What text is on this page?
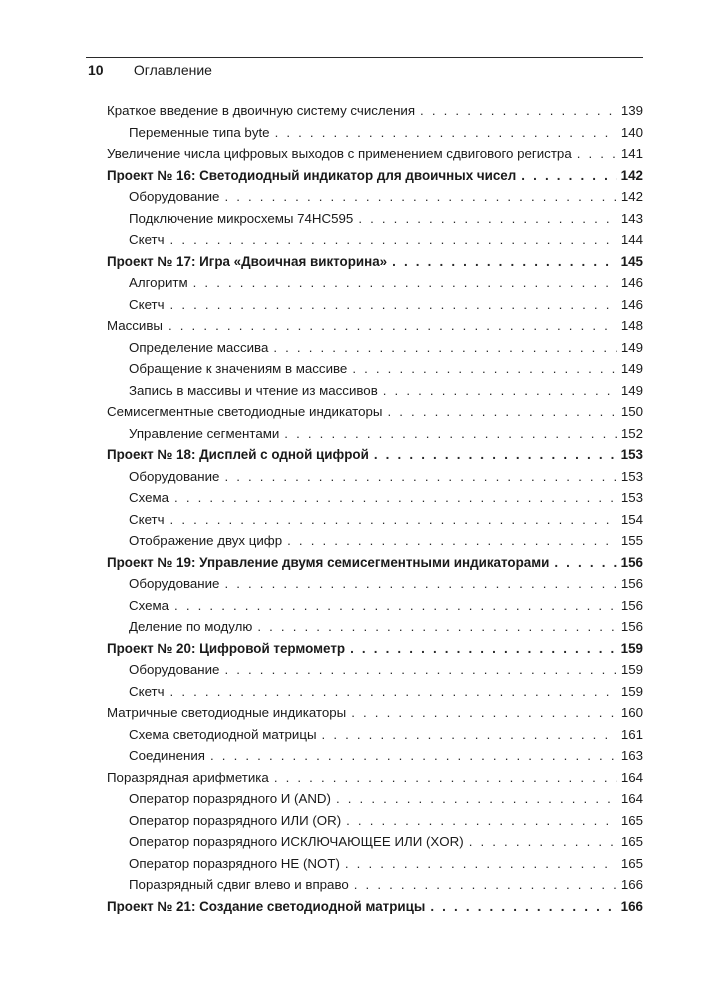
10 Оглавление
Краткое введение в двоичную систему счисления . . .	139
Переменные типа byte . . .	140
Увеличение числа цифровых выходов с применением сдвигового регистра . . .	141
Проект № 16: Светодиодный индикатор для двоичных чисел . . .	142
Оборудование . . .	142
Подключение микросхемы 74HC595 . . .	143
Скетч . . .	144
Проект № 17: Игра «Двоичная викторина» . . .	145
Алгоритм . . .	146
Скетч . . .	146
Массивы . . .	148
Определение массива . . .	149
Обращение к значениям в массиве . . .	149
Запись в массивы и чтение из массивов . . .	149
Семисегментные светодиодные индикаторы . . .	150
Управление сегментами . . .	152
Проект № 18: Дисплей с одной цифрой . . .	153
Оборудование . . .	153
Схема . . .	153
Скетч . . .	154
Отображение двух цифр . . .	155
Проект № 19: Управление двумя семисегментными индикаторами . . .	156
Оборудование . . .	156
Схема . . .	156
Деление по модулю . . .	156
Проект № 20: Цифровой термометр . . .	159
Оборудование . . .	159
Скетч . . .	159
Матричные светодиодные индикаторы . . .	160
Схема светодиодной матрицы . . .	161
Соединения . . .	163
Поразрядная арифметика . . .	164
Оператор поразрядного И (AND) . . .	164
Оператор поразрядного ИЛИ (OR) . . .	165
Оператор поразрядного ИСКЛЮЧАЮЩЕЕ ИЛИ (XOR) . . .	165
Оператор поразрядного НЕ (NOT) . . .	165
Поразрядный сдвиг влево и вправо . . .	166
Проект № 21: Создание светодиодной матрицы . . .	166
